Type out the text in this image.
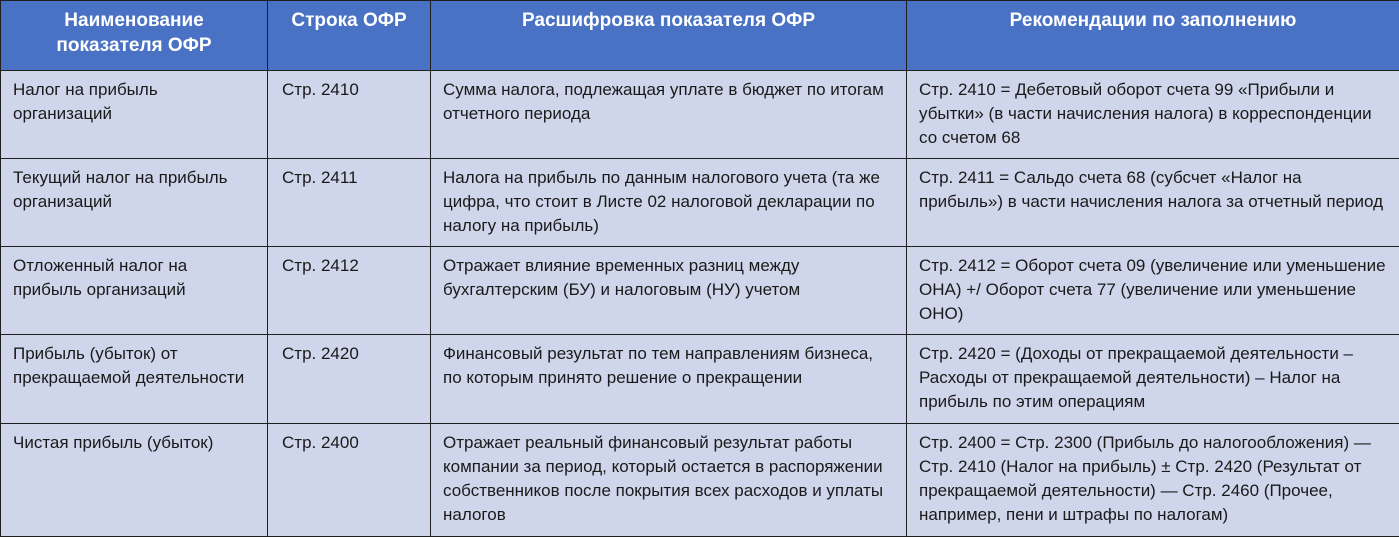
Наименование показателя ОФР	Строка ОФР	Расшифровка показателя ОФР	Рекомендации по заполнению
Налог на прибыль организаций	Стр. 2410	Сумма налога, подлежащая уплате в бюджет по итогам отчетного периода	Стр. 2410 = Дебетовый оборот счета 99 «Прибыли и убытки» (в части начисления налога) в корреспонденции со счетом 68
Текущий налог на прибыль организаций	Стр. 2411	Налога на прибыль по данным налогового учета (та же цифра, что стоит в Листе 02 налоговой декларации по налогу на прибыль)	Стр. 2411 = Сальдо счета 68 (субсчет «Налог на прибыль») в части начисления налога за отчетный период
Отложенный налог на прибыль организаций	Стр. 2412	Отражает влияние временных разниц между бухгалтерским (БУ) и налоговым (НУ) учетом	Стр. 2412 = Оборот счета 09 (увеличение или уменьшение ОНА) +/ Оборот счета 77 (увеличение или уменьшение ОНО)
Прибыль (убыток) от прекращаемой деятельности	Стр. 2420	Финансовый результат по тем направлениям бизнеса, по которым принято решение о прекращении	Стр. 2420 = (Доходы от прекращаемой деятельности – Расходы от прекращаемой деятельности) – Налог на прибыль по этим операциям
Чистая прибыль (убыток)	Стр. 2400	Отражает реальный финансовый результат работы компании за период, который остается в распоряжении собственников после покрытия всех расходов и уплаты налогов	Стр. 2400 = Стр. 2300 (Прибыль до налогообложения) — Стр. 2410 (Налог на прибыль) ± Стр. 2420 (Результат от прекращаемой деятельности) — Стр. 2460 (Прочее, например, пени и штрафы по налогам)
